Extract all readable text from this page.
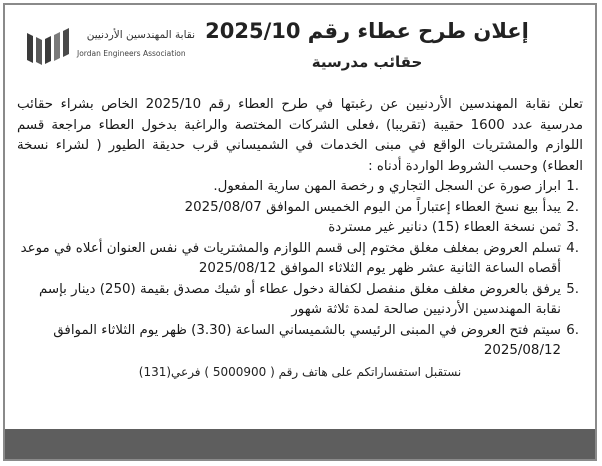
نقابة المهندسين الأردنيين
Jordan Engineers Association
إعلان طرح عطاء رقم 2025/10
حقائب مدرسية

تعلن نقابة المهندسين الأردنيين عن رغبتها في طرح العطاء رقم 2025/10 الخاص بشراء حقائب مدرسية عدد 1600 حقيبة (تقريبا) ،فعلى الشركات المختصة والراغبة بدخول العطاء مراجعة قسم اللوازم والمشتريات الواقع في مبنى الخدمات في الشميساني قرب حديقة الطيور ( لشراء نسخة العطاء) وحسب الشروط الواردة أدناه :

1.
ابراز صورة عن السجل التجاري و رخصة المهن سارية المفعول.
2.
يبدأ بيع نسخ العطاء إعتباراً من اليوم الخميس الموافق 2025/08/07
3.
ثمن نسخة العطاء (15) دنانير غير مستردة
4.
تسلم العروض بمغلف مغلق مختوم إلى قسم اللوازم والمشتريات في نفس العنوان أعلاه في موعد أقصاه الساعة الثانية عشر ظهر يوم الثلاثاء الموافق 2025/08/12
5.
يرفق بالعروض مغلف مغلق منفصل لكفالة دخول عطاء أو شيك مصدق بقيمة (250) دينار بإسم نقابة المهندسين الأردنيين صالحة لمدة ثلاثة شهور
6.
سيتم فتح العروض في المبنى الرئيسي بالشميساني الساعة (3.30) ظهر يوم الثلاثاء الموافق 2025/08/12

نستقبل استفساراتكم على هاتف رقم ( 5000900 ) فرعي(131)
